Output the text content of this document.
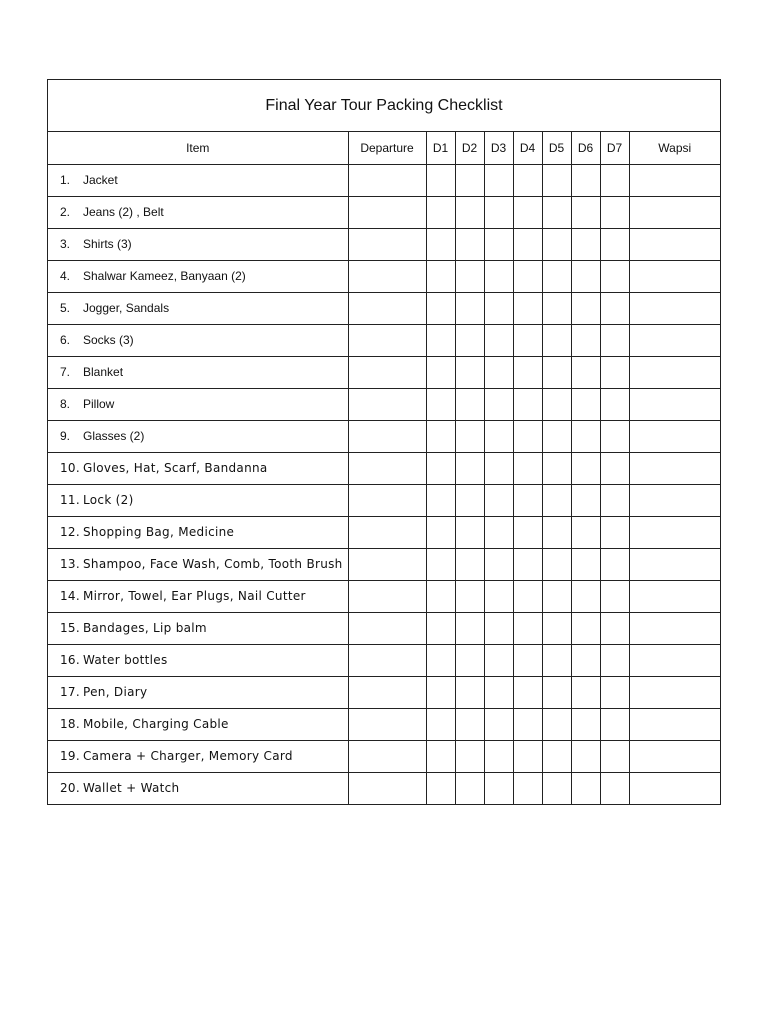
Final Year Tour Packing Checklist
Item	Departure	D1	D2	D3	D4	D5	D6	D7	Wapsi

1. Jacket									

2. Jeans (2) , Belt									

3. Shirts (3)									

4. Shalwar Kameez, Banyaan (2)									

5. Jogger, Sandals									

6. Socks (3)									

7. Blanket									

8. Pillow									

9. Glasses (2)									

10. Gloves, Hat, Scarf, Bandanna									

11. Lock (2)									

12. Shopping Bag, Medicine									

13. Shampoo, Face Wash, Comb, Tooth Brush									

14. Mirror, Towel, Ear Plugs, Nail Cutter									

15. Bandages, Lip balm									

16. Water bottles									

17. Pen, Diary									

18. Mobile, Charging Cable									

19. Camera + Charger, Memory Card									

20. Wallet + Watch									
